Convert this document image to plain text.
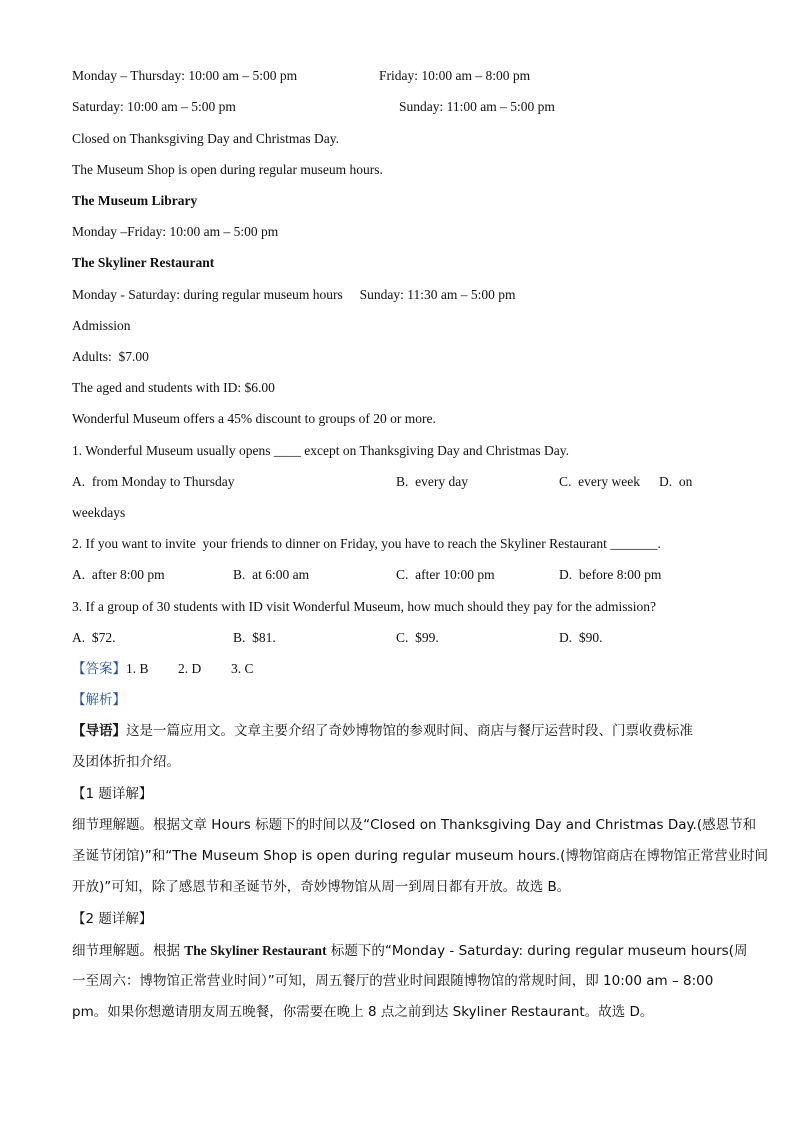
Monday – Thursday: 10:00 am – 5:00 pm	Friday: 10:00 am – 8:00 pm
Saturday: 10:00 am – 5:00 pm	Sunday: 11:00 am – 5:00 pm
Closed on Thanksgiving Day and Christmas Day.
The Museum Shop is open during regular museum hours.
The Museum Library
Monday –Friday: 10:00 am – 5:00 pm
The Skyliner Restaurant
Monday - Saturday: during regular museum hours     Sunday: 11:30 am – 5:00 pm
Admission
Adults:  $7.00
The aged and students with ID: $6.00
Wonderful Museum offers a 45% discount to groups of 20 or more.
1. Wonderful Museum usually opens ____ except on Thanksgiving Day and Christmas Day.
A.  from Monday to Thursday	B.  every day	C.  every week D.  on
weekdays
2. If you want to invite  your friends to dinner on Friday, you have to reach the Skyliner Restaurant _______.
A.  after 8:00 pm	B.  at 6:00 am	C.  after 10:00 pm	D.  before 8:00 pm
3. If a group of 30 students with ID visit Wonderful Museum, how much should they pay for the admission?
A.  $72.	B.  $81.	C.  $99.	D.  $90.
【答案】1. B 2. D 3. C
【解析】
【导语】这是一篇应用文。文章主要介绍了奇妙博物馆的参观时间、商店与餐厅运营时段、门票收费标准
及团体折扣介绍。
【1 题详解】
细节理解题。根据文章 Hours 标题下的时间以及“Closed on Thanksgiving Day and Christmas Day.(感恩节和
圣诞节闭馆)”和“The Museum Shop is open during regular museum hours.(博物馆商店在博物馆正常营业时间
开放)”可知，除了感恩节和圣诞节外，奇妙博物馆从周一到周日都有开放。故选 B。
【2 题详解】
细节理解题。根据 The Skyliner Restaurant 标题下的“Monday - Saturday: during regular museum hours(周
一至周六：博物馆正常营业时间）”可知，周五餐厅的营业时间跟随博物馆的常规时间，即 10:00 am – 8:00
pm。如果你想邀请朋友周五晚餐，你需要在晚上 8 点之前到达 Skyliner Restaurant。故选 D。
